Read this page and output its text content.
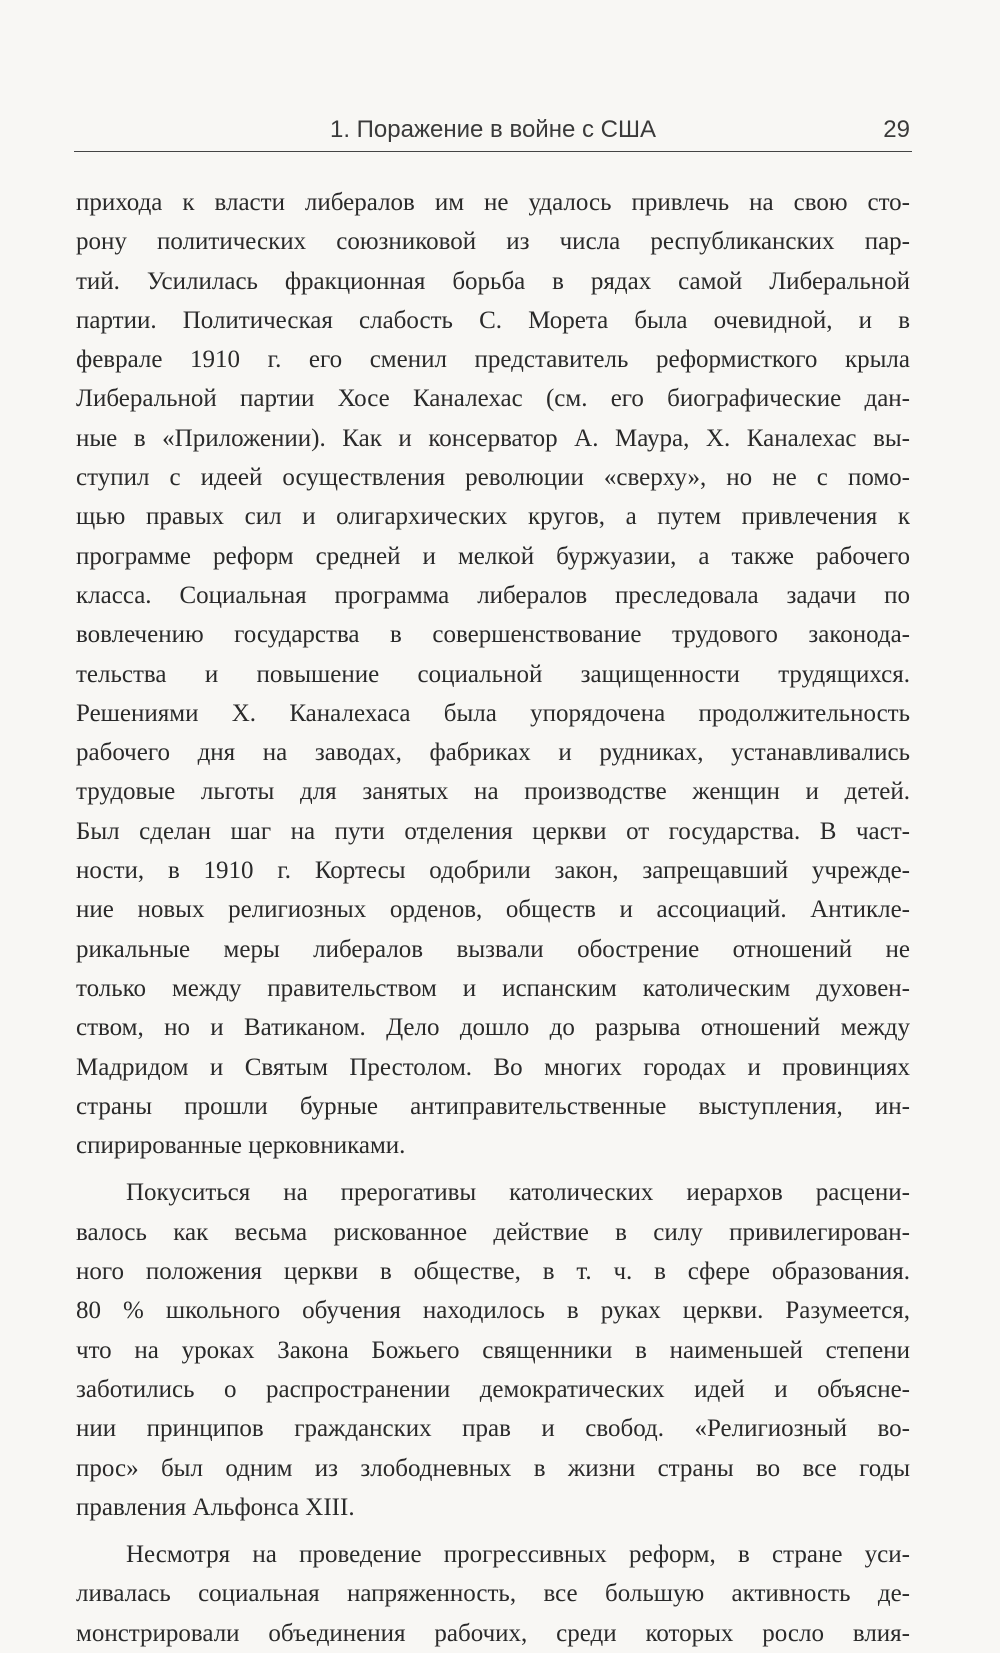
1. Поражение в войне с США	29
прихода к власти либералов им не удалось привлечь на свою сто-
рону политических союзниковой из числа республиканских пар-
тий. Усилилась фракционная борьба в рядах самой Либеральной
партии. Политическая слабость С. Морета была очевидной, и в
феврале 1910 г. его сменил представитель реформисткого крыла
Либеральной партии Хосе Каналехас (см. его биографические дан-
ные в «Приложении). Как и консерватор А. Маура, Х. Каналехас вы-
ступил с идеей осуществления революции «сверху», но не с помо-
щью правых сил и олигархических кругов, а путем привлечения к
программе реформ средней и мелкой буржуазии, а также рабочего
класса. Социальная программа либералов преследовала задачи по
вовлечению государства в совершенствование трудового законода-
тельства и повышение социальной защищенности трудящихся.
Решениями Х. Каналехаса была упорядочена продолжительность
рабочего дня на заводах, фабриках и рудниках, устанавливались
трудовые льготы для занятых на производстве женщин и детей.
Был сделан шаг на пути отделения церкви от государства. В част-
ности, в 1910 г. Кортесы одобрили закон, запрещавший учрежде-
ние новых религиозных орденов, обществ и ассоциаций. Антикле-
рикальные меры либералов вызвали обострение отношений не
только между правительством и испанским католическим духовен-
ством, но и Ватиканом. Дело дошло до разрыва отношений между
Мадридом и Святым Престолом. Во многих городах и провинциях
страны прошли бурные антиправительственные выступления, ин-
спирированные церковниками.
Покуситься на прерогативы католических иерархов расцени-
валось как весьма рискованное действие в силу привилегирован-
ного положения церкви в обществе, в т. ч. в сфере образования.
80 % школьного обучения находилось в руках церкви. Разумеется,
что на уроках Закона Божьего священники в наименьшей степени
заботились о распространении демократических идей и объясне-
нии принципов гражданских прав и свобод. «Религиозный во-
прос» был одним из злободневных в жизни страны во все годы
правления Альфонса XIII.
Несмотря на проведение прогрессивных реформ, в стране уси-
ливалась социальная напряженность, все большую активность де-
монстрировали объединения рабочих, среди которых росло влия-
